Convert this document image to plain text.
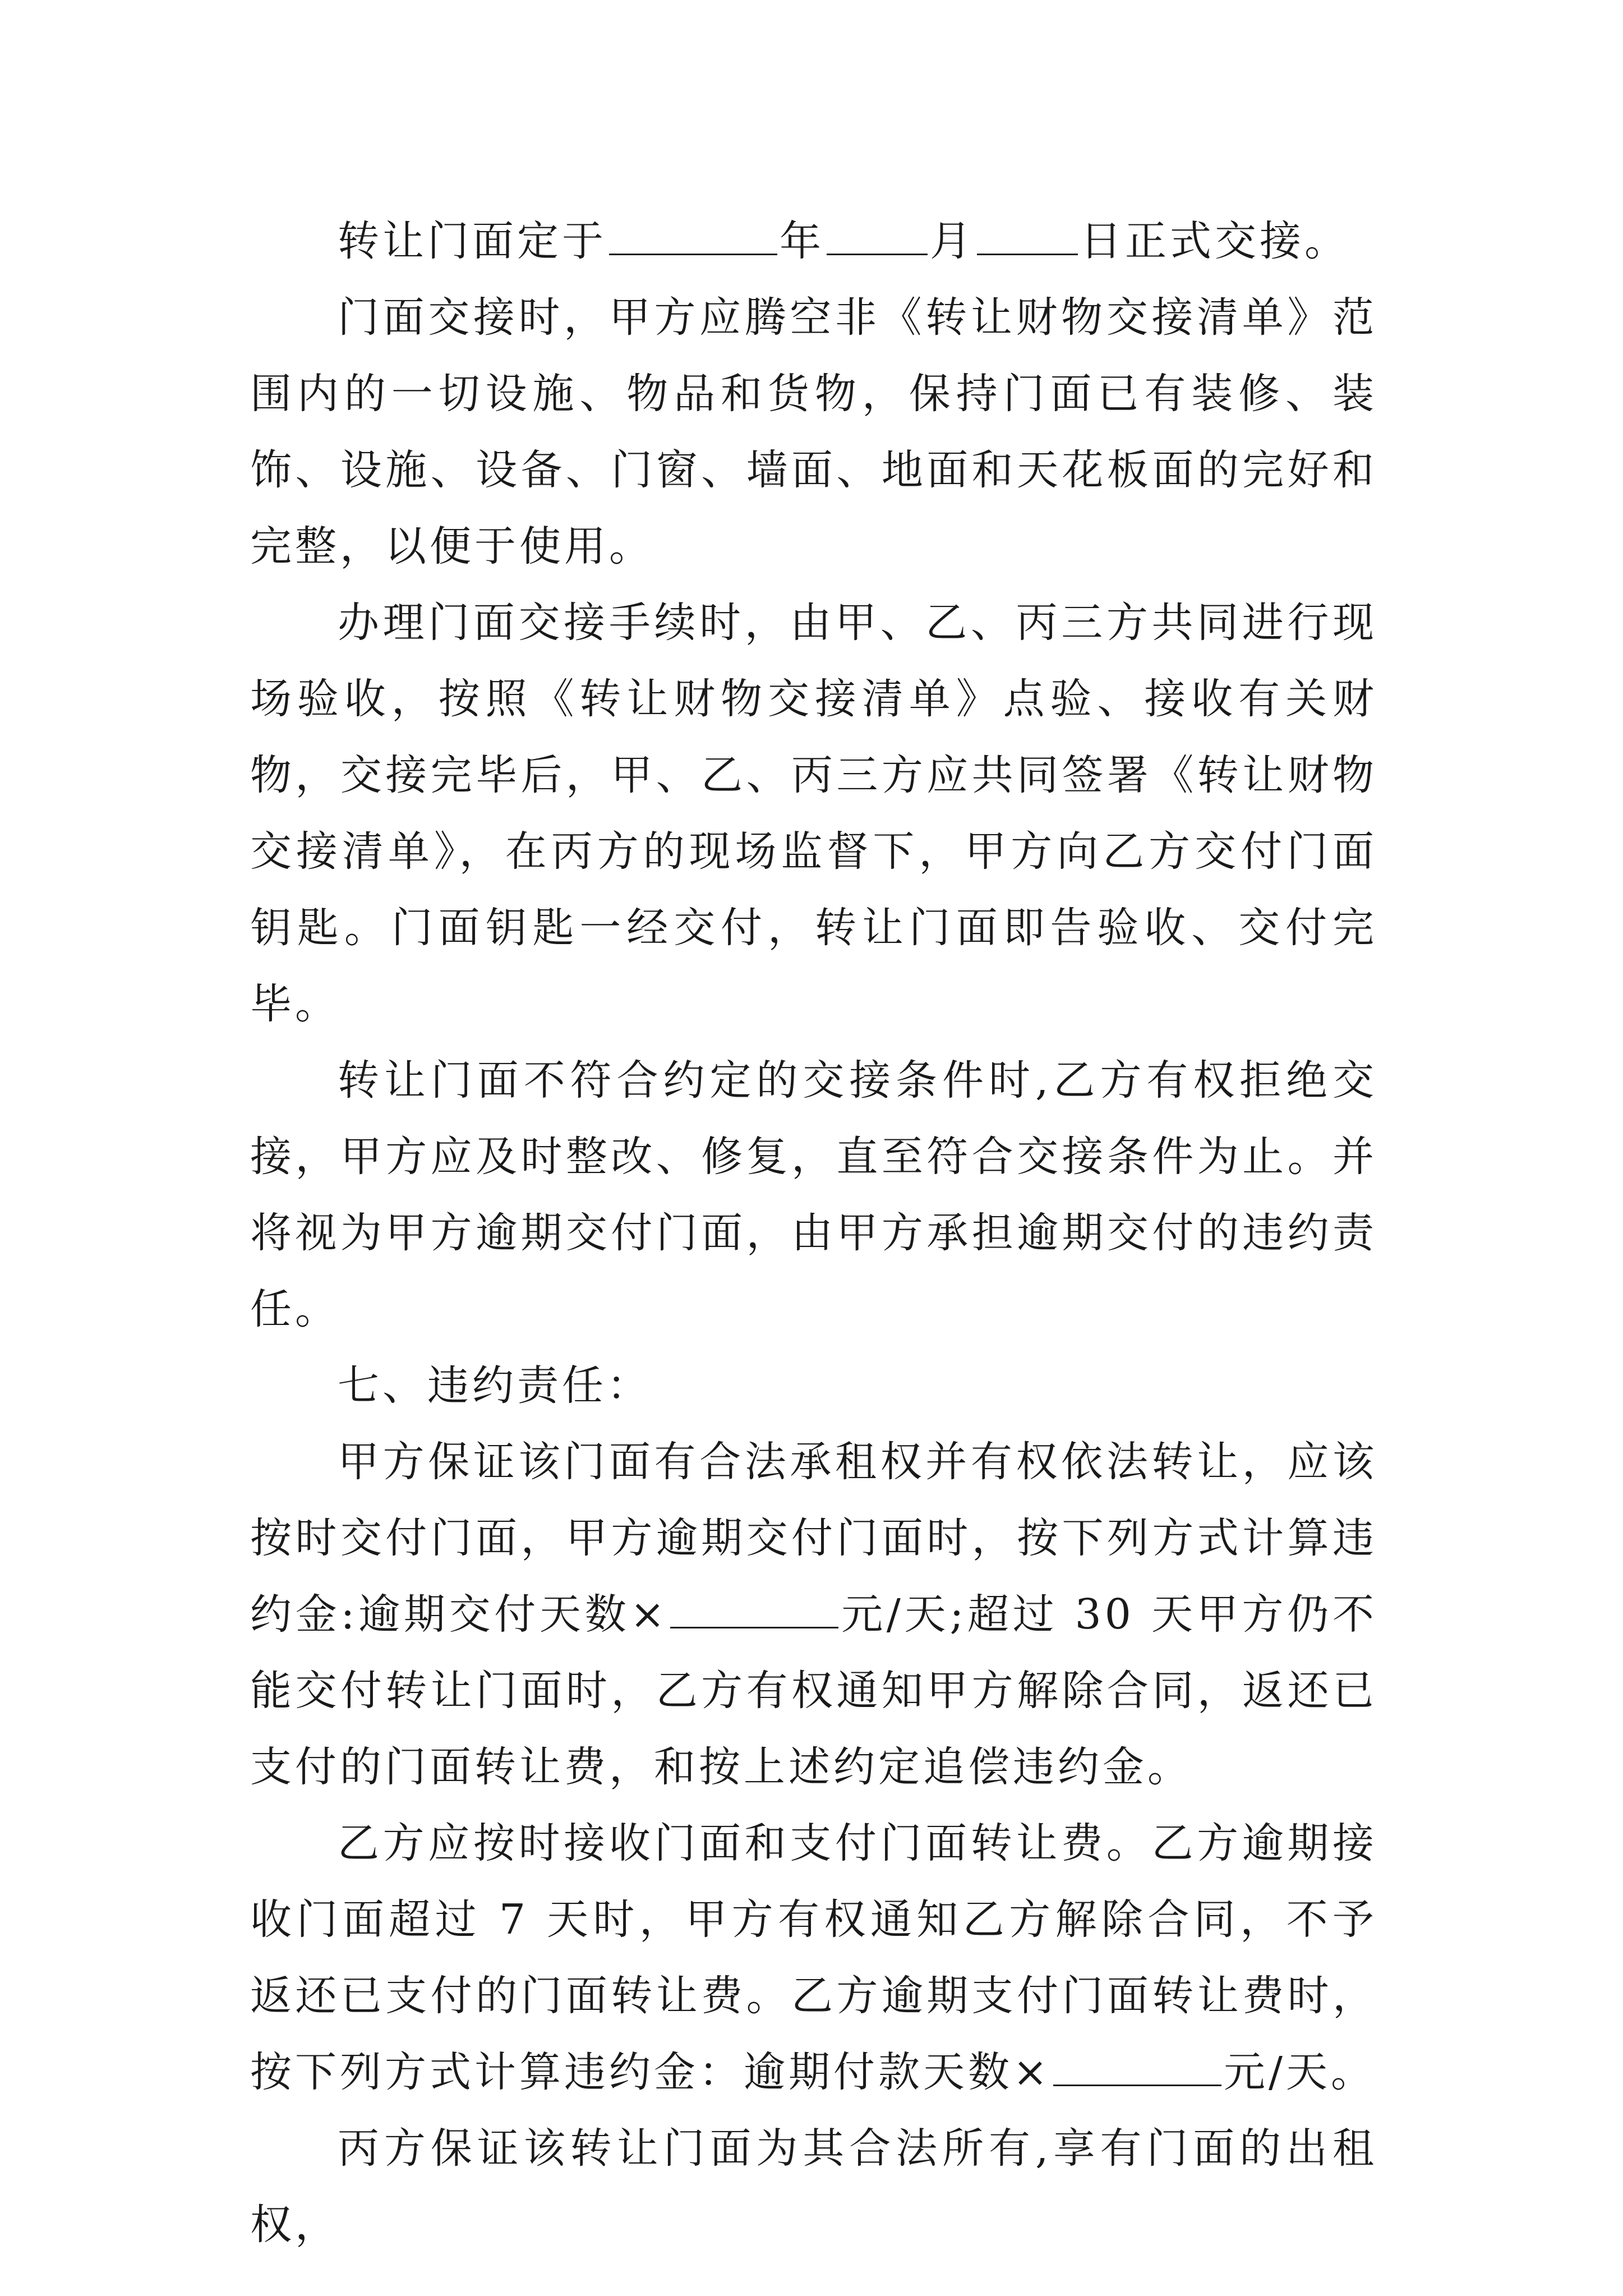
转让门面定于	年	月	日正式交接。

门面交接时，甲方应腾空非《转让财物交接清单》范围内的一切设施、物品和货物，保持门面已有装修、装饰、设施、设备、门窗、墙面、地面和天花板面的完好和完整，以便于使用。

办理门面交接手续时，由甲、乙、丙三方共同进行现场验收，按照《转让财物交接清单》点验、接收有关财物，交接完毕后，甲、乙、丙三方应共同签署《转让财物交接清单》，在丙方的现场监督下，甲方向乙方交付门面钥匙。门面钥匙一经交付，转让门面即告验收、交付完毕。

转让门面不符合约定的交接条件时,乙方有权拒绝交接，甲方应及时整改、修复，直至符合交接条件为止。并将视为甲方逾期交付门面，由甲方承担逾期交付的违约责任。

七、违约责任：

甲方保证该门面有合法承租权并有权依法转让，应该按时交付门面，甲方逾期交付门面时，按下列方式计算违约金:逾期交付天数×	元/天;超过 30 天甲方仍不能交付转让门面时，乙方有权通知甲方解除合同，返还已支付的门面转让费，和按上述约定追偿违约金。

乙方应按时接收门面和支付门面转让费。乙方逾期接收门面超过 7 天时，甲方有权通知乙方解除合同，不予返还已支付的门面转让费。乙方逾期支付门面转让费时，按下列方式计算违约金：逾期付款天数×	元/天。

丙方保证该转让门面为其合法所有,享有门面的出租权，
